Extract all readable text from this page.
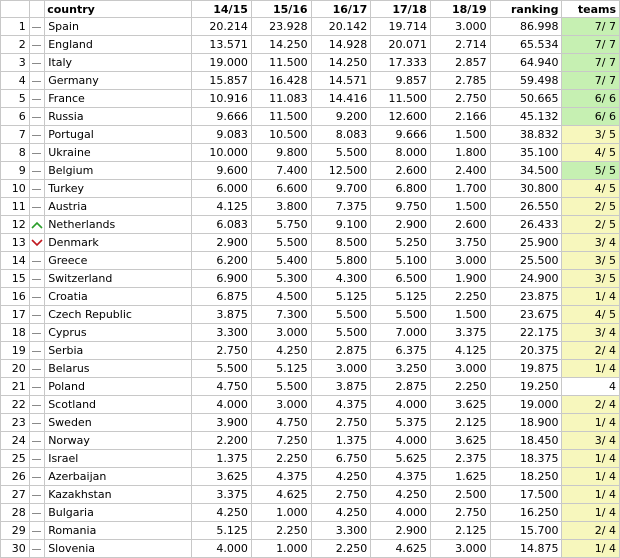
		country	14/15	15/16	16/17	17/18	18/19	ranking	teams
1		Spain	20.214	23.928	20.142	19.714	3.000	86.998	7/ 7
2		England	13.571	14.250	14.928	20.071	2.714	65.534	7/ 7
3		Italy	19.000	11.500	14.250	17.333	2.857	64.940	7/ 7
4		Germany	15.857	16.428	14.571	9.857	2.785	59.498	7/ 7
5		France	10.916	11.083	14.416	11.500	2.750	50.665	6/ 6
6		Russia	9.666	11.500	9.200	12.600	2.166	45.132	6/ 6
7		Portugal	9.083	10.500	8.083	9.666	1.500	38.832	3/ 5
8		Ukraine	10.000	9.800	5.500	8.000	1.800	35.100	4/ 5
9		Belgium	9.600	7.400	12.500	2.600	2.400	34.500	5/ 5
10		Turkey	6.000	6.600	9.700	6.800	1.700	30.800	4/ 5
11		Austria	4.125	3.800	7.375	9.750	1.500	26.550	2/ 5
12		Netherlands	6.083	5.750	9.100	2.900	2.600	26.433	2/ 5
13		Denmark	2.900	5.500	8.500	5.250	3.750	25.900	3/ 4
14		Greece	6.200	5.400	5.800	5.100	3.000	25.500	3/ 5
15		Switzerland	6.900	5.300	4.300	6.500	1.900	24.900	3/ 5
16		Croatia	6.875	4.500	5.125	5.125	2.250	23.875	1/ 4
17		Czech Republic	3.875	7.300	5.500	5.500	1.500	23.675	4/ 5
18		Cyprus	3.300	3.000	5.500	7.000	3.375	22.175	3/ 4
19		Serbia	2.750	4.250	2.875	6.375	4.125	20.375	2/ 4
20		Belarus	5.500	5.125	3.000	3.250	3.000	19.875	1/ 4
21		Poland	4.750	5.500	3.875	2.875	2.250	19.250	4
22		Scotland	4.000	3.000	4.375	4.000	3.625	19.000	2/ 4
23		Sweden	3.900	4.750	2.750	5.375	2.125	18.900	1/ 4
24		Norway	2.200	7.250	1.375	4.000	3.625	18.450	3/ 4
25		Israel	1.375	2.250	6.750	5.625	2.375	18.375	1/ 4
26		Azerbaijan	3.625	4.375	4.250	4.375	1.625	18.250	1/ 4
27		Kazakhstan	3.375	4.625	2.750	4.250	2.500	17.500	1/ 4
28		Bulgaria	4.250	1.000	4.250	4.000	2.750	16.250	1/ 4
29		Romania	5.125	2.250	3.300	2.900	2.125	15.700	2/ 4
30		Slovenia	4.000	1.000	2.250	4.625	3.000	14.875	1/ 4
